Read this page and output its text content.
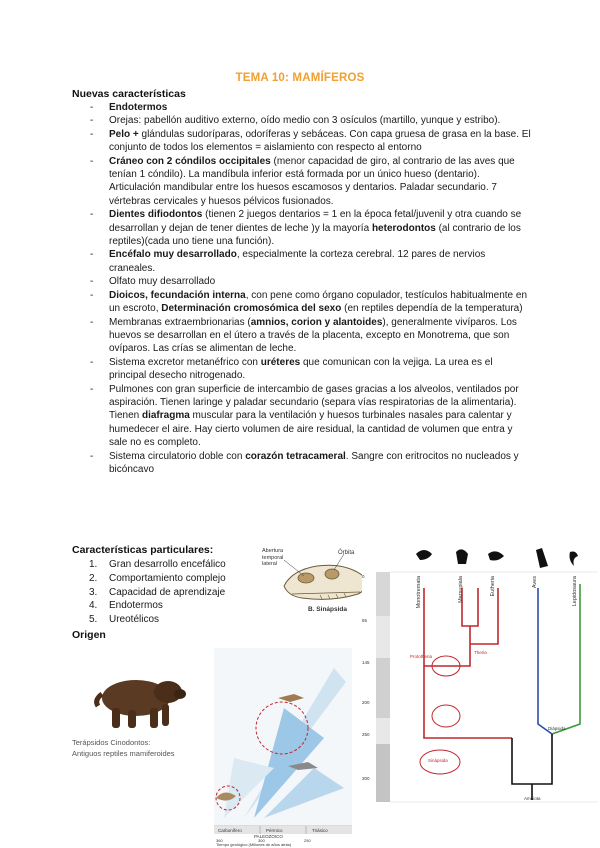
TEMA 10: MAMÍFEROS
Nuevas características
- Endotermos
- Orejas: pabellón auditivo externo, oído medio con 3 osículos (martillo, yunque y estribo).
- Pelo + glándulas sudoríparas, odoríferas y sebáceas. Con capa gruesa de grasa en la base. El conjunto de todos los elementos = aislamiento con respecto al entorno
- Cráneo con 2 cóndilos occipitales (menor capacidad de giro, al contrario de las aves que tenían 1 cóndilo). La mandíbula inferior está formada por un único hueso (dentario). Articulación mandibular entre los huesos escamosos y dentarios. Paladar secundario. 7 vértebras cervicales y huesos pélvicos fusionados.
- Dientes difiodontos (tienen 2 juegos dentarios = 1 en la época fetal/juvenil y otra cuando se desarrollan y dejan de tener dientes de leche )y la mayoría heterodontos (al contrario de los reptiles)(cada uno tiene una función).
- Encéfalo muy desarrollado, especialmente la corteza cerebral. 12 pares de nervios craneales.
- Olfato muy desarrollado
- Dioicos, fecundación interna, con pene como órgano copulador, testículos habitualmente en un escroto, Determinación cromosómica del sexo (en reptiles dependía de la temperatura)
- Membranas extraembrionarias (amnios, corion y alantoides), generalmente vivíparos. Los huevos se desarrollan en el útero a través de la placenta, excepto en Monotrema, que son ovíparos. Las crías se alimentan de leche.
- Sistema excretor metanéfrico con uréteres que comunican con la vejiga. La urea es el principal desecho nitrogenado.
- Pulmones con gran superficie de intercambio de gases gracias a los alveolos, ventilados por aspiración. Tienen laringe y paladar secundario (separa vías respiratorias de la alimentaria). Tienen diafragma muscular para la ventilación y huesos turbinales nasales para calentar y humedecer el aire. Hay cierto volumen de aire residual, la cantidad de volumen que entra y sale no es completo.
- Sistema circulatorio doble con corazón tetracameral. Sangre con eritrocitos no nucleados y bicóncavo
Características particulares:
1. Gran desarrollo encefálico
2. Comportamiento complejo
3. Capacidad de aprendizaje
4. Endotermos
5. Ureotélicos
Origen
Abertura temporal lateral
Órbita
B. Sinápsida
Terápsidos Cinodontos:
Antiguos reptiles mamiferoides
Carbonífero	Pérmico	Triásico
PALEOZOICO
360	300	250
Tiempo geológico (Millones de años atrás)
Monotremata	Marsupiala	Eutheria	Aves	Lepidosaura
Prototheria
Theria
Sinápsida
Diápsida
Amniota
0
65
145
200
250
300
